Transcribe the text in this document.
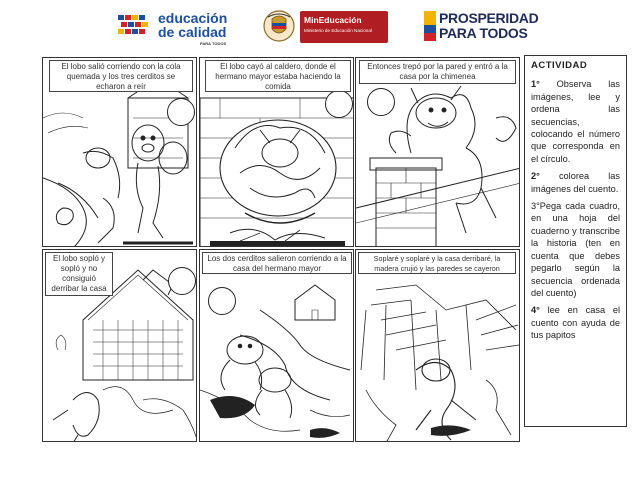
educación
de calidad
PARA TODOS
MinEducación
Ministerio de Educación Nacional
PROSPERIDAD
PARA TODOS
El lobo salió corriendo con la cola quemada y los tres cerditos se echaron a reír
El lobo cayó al caldero, donde el hermano mayor estaba haciendo la comida
Entonces trepó por la pared y entró a la casa por la chimenea
El lobo sopló y sopló y no consiguió derribar la casa
Los dos cerditos salieron corriendo a la casa del hermano mayor
Soplaré y soplaré y la casa derribaré, la madera crujió y las paredes se cayeron
ACTIVIDAD

1° Observa las imágenes, lee y ordena las secuencias, colocando el número que corresponda en el círculo.

2° colorea las imágenes del cuento.

3°Pega cada cuadro, en una hoja del cuaderno y transcribe la historia (ten en cuenta que debes pegarlo según la secuencia ordenada del cuento)

4° lee en casa el cuento con ayuda de tus papitos
